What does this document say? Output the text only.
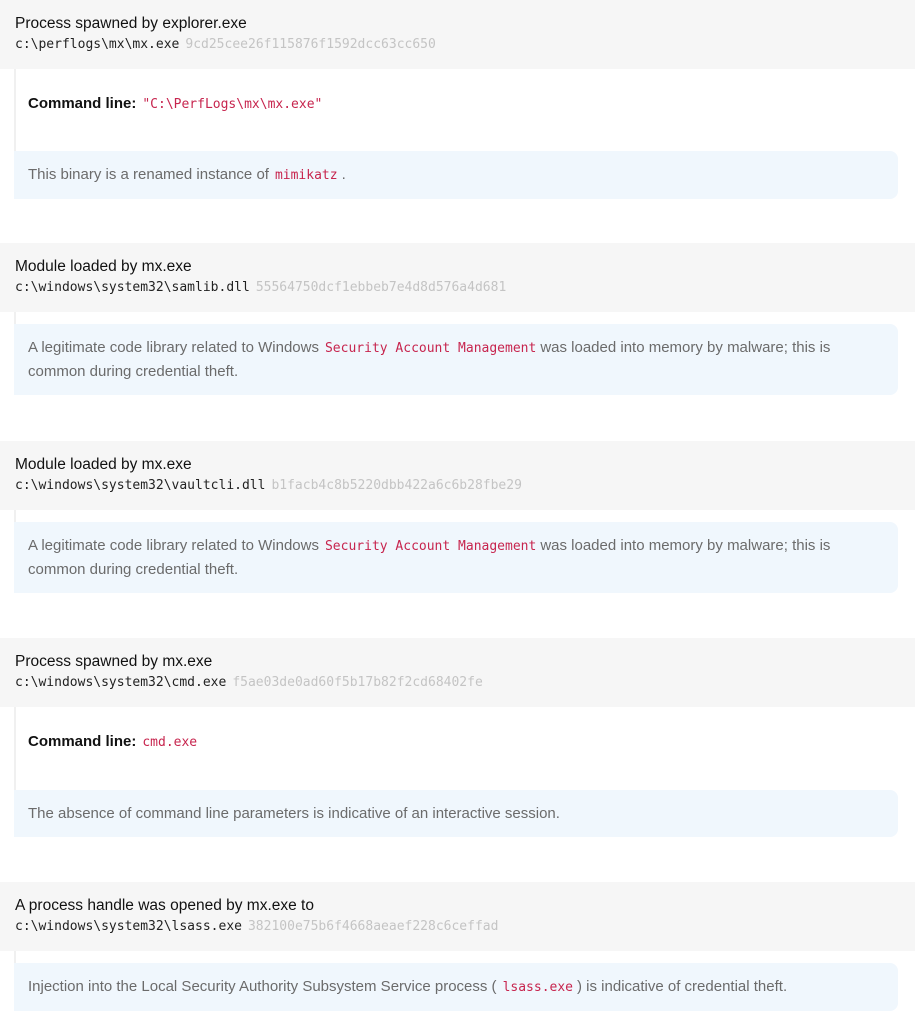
Process spawned by explorer.exe
c:\perflogs\mx\mx.exe 9cd25cee26f115876f1592dcc63cc650
Command line: "C:\PerfLogs\mx\mx.exe"
This binary is a renamed instance of mimikatz .
Module loaded by mx.exe
c:\windows\system32\samlib.dll 55564750dcf1ebbeb7e4d8d576a4d681
A legitimate code library related to Windows Security Account Management was loaded into memory by malware; this is common during credential theft.
Module loaded by mx.exe
c:\windows\system32\vaultcli.dll b1facb4c8b5220dbb422a6c6b28fbe29
A legitimate code library related to Windows Security Account Management was loaded into memory by malware; this is common during credential theft.
Process spawned by mx.exe
c:\windows\system32\cmd.exe f5ae03de0ad60f5b17b82f2cd68402fe
Command line: cmd.exe
The absence of command line parameters is indicative of an interactive session.
A process handle was opened by mx.exe to
c:\windows\system32\lsass.exe 382100e75b6f4668aeaef228c6ceffad
Injection into the Local Security Authority Subsystem Service process ( lsass.exe ) is indicative of credential theft.
